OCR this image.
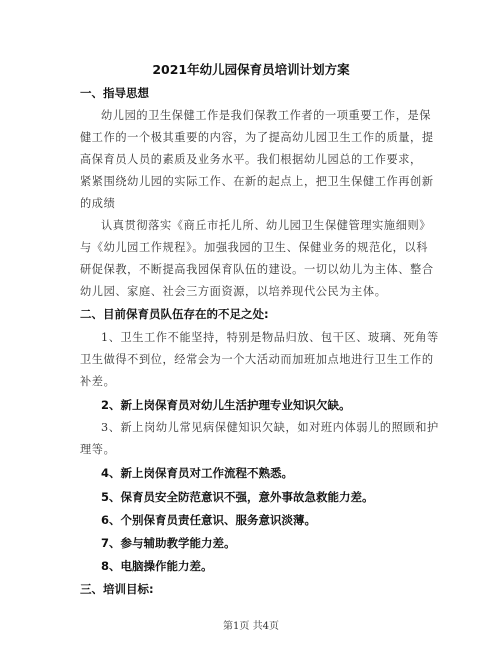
2021年幼儿园保育员培训计划方案
一、指导思想
幼儿园的卫生保健工作是我们保教工作者的一项重要工作，是保
健工作的一个极其重要的内容，为了提高幼儿园卫生工作的质量，提
高保育员人员的素质及业务水平。我们根据幼儿园总的工作要求，
紧紧围绕幼儿园的实际工作、在新的起点上，把卫生保健工作再创新
的成绩
认真贯彻落实《商丘市托儿所、幼儿园卫生保健管理实施细则》
与《幼儿园工作规程》。加强我园的卫生、保健业务的规范化，以科
研促保教，不断提高我园保育队伍的建设。一切以幼儿为主体、整合
幼儿园、家庭、社会三方面资源，以培养现代公民为主体。
二、目前保育员队伍存在的不足之处:
1、卫生工作不能坚持，特别是物品归放、包干区、玻璃、死角等
卫生做得不到位，经常会为一个大活动而加班加点地进行卫生工作的
补差。
2、新上岗保育员对幼儿生活护理专业知识欠缺。
3、新上岗幼儿常见病保健知识欠缺，如对班内体弱儿的照顾和护
理等。
4、新上岗保育员对工作流程不熟悉。
5、保育员安全防范意识不强，意外事故急救能力差。
6、个别保育员责任意识、服务意识淡薄。
7、参与辅助教学能力差。
8、电脑操作能力差。
三、培训目标:
第1页 共4页
